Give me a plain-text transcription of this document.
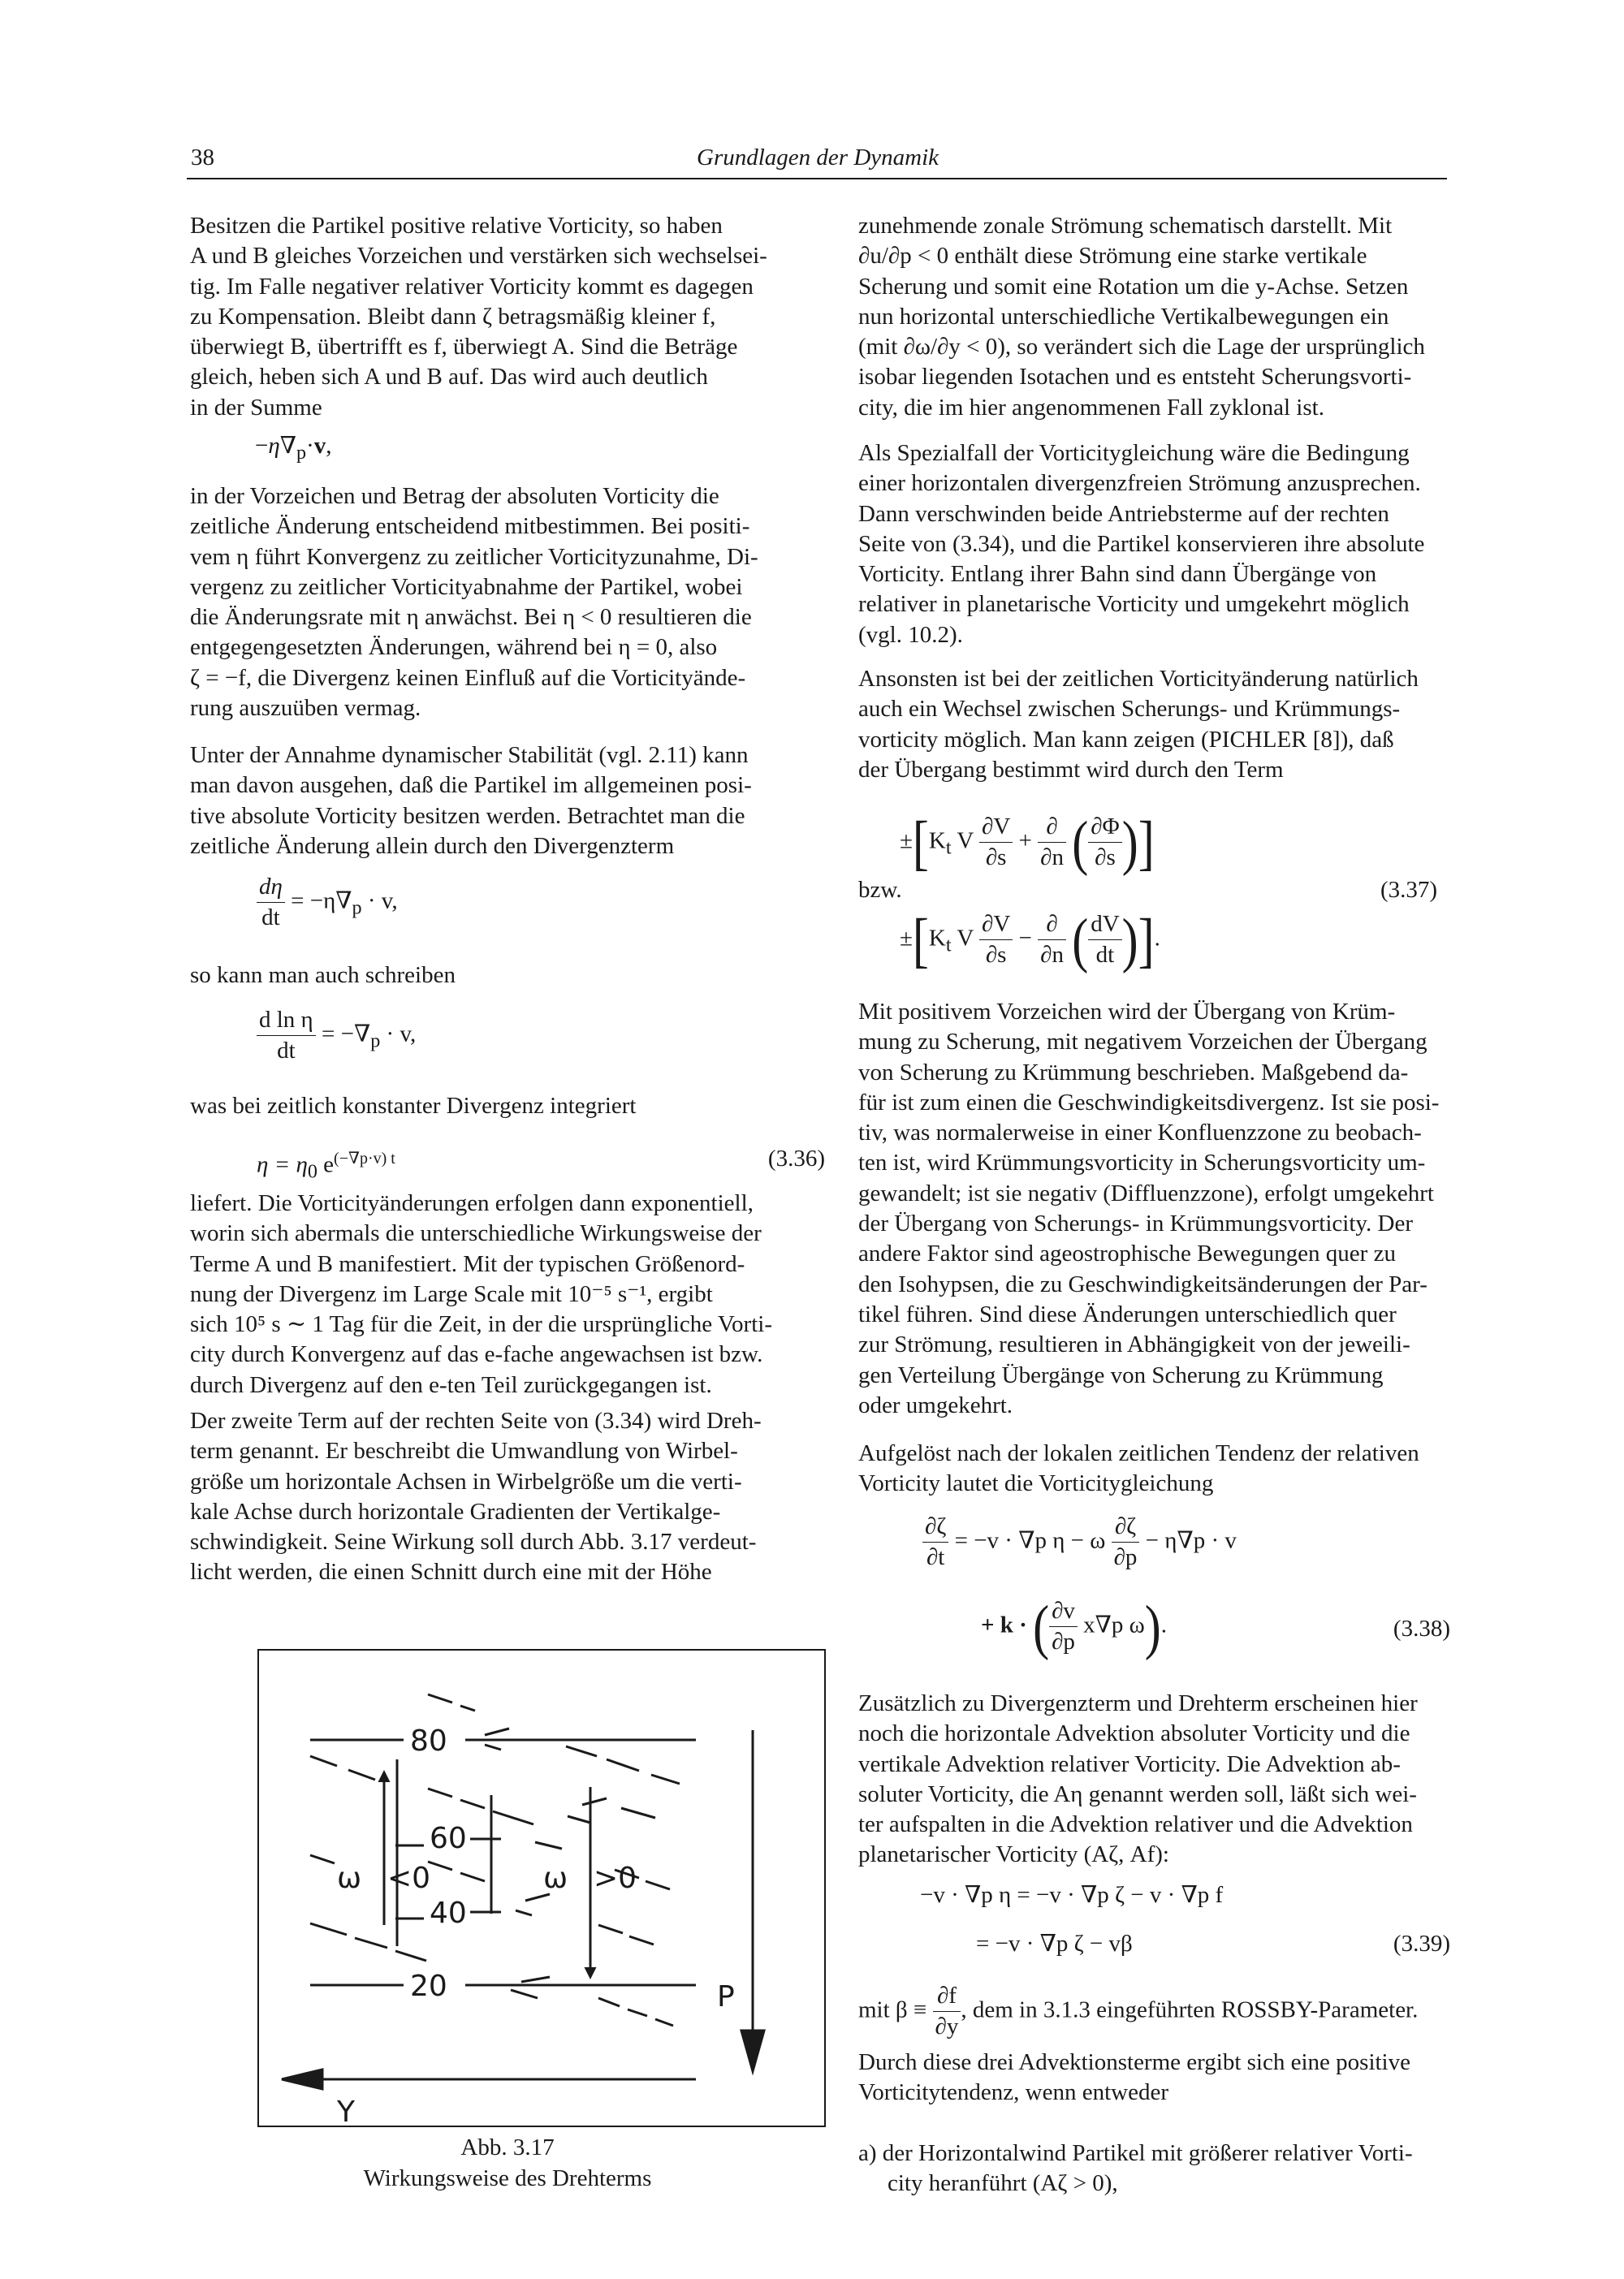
38	Grundlagen der Dynamik

Besitzen die Partikel positive relative Vorticity, so haben

A und B gleiches Vorzeichen und verstärken sich wechselsei-

tig. Im Falle negativer relativer Vorticity kommt es dagegen

zu Kompensation. Bleibt dann ζ betragsmäßig kleiner f,

überwiegt B, übertrifft es f, überwiegt A. Sind die Beträge

gleich, heben sich A und B auf. Das wird auch deutlich

in der Summe

$-\eta\nabla_p\cdot v$,

in der Vorzeichen und Betrag der absoluten Vorticity die

zeitliche Änderung entscheidend mitbestimmen. Bei positi-

vem η führt Konvergenz zu zeitlicher Vorticityzunahme, Di-

vergenz zu zeitlicher Vorticityabnahme der Partikel, wobei

die Änderungsrate mit η anwächst. Bei η < 0 resultieren die

entgegengesetzten Änderungen, während bei η = 0, also

ζ = −f, die Divergenz keinen Einfluß auf die Vorticityände-

rung auszuüben vermag.

Unter der Annahme dynamischer Stabilität (vgl. 2.11) kann

man davon ausgehen, daß die Partikel im allgemeinen posi-

tive absolute Vorticity besitzen werden. Betrachtet man die

zeitliche Änderung allein durch den Divergenzterm

$\frac{d\eta}{dt} = -\eta\nabla_p \cdot v$,
so kann man auch schreiben
$\frac{\text{d ln η}}{dt} = -\nabla_p \cdot v$,
was bei zeitlich konstanter Divergenz integriert
$\eta = \eta_0$ $e^{(-\nabla p\cdot v) t}$	(3.36)

liefert. Die Vorticityänderungen erfolgen dann exponentiell,

worin sich abermals die unterschiedliche Wirkungsweise der

Terme A und B manifestiert. Mit der typischen Größenord-

nung der Divergenz im Large Scale mit 10⁻⁵ s⁻¹, ergibt

sich 10⁵ s ∼ 1 Tag für die Zeit, in der die ursprüngliche Vorti-

city durch Konvergenz auf das e-fache angewachsen ist bzw.

durch Divergenz auf den e-ten Teil zurückgegangen ist.

Der zweite Term auf der rechten Seite von (3.34) wird Dreh-

term genannt. Er beschreibt die Umwandlung von Wirbel-

größe um horizontale Achsen in Wirbelgröße um die verti-

kale Achse durch horizontale Gradienten der Vertikalge-

schwindigkeit. Seine Wirkung soll durch Abb. 3.17 verdeut-

licht werden, die einen Schnitt durch eine mit der Höhe

80
60
40
20
ω <0	ω >0
P
Y
Abb. 3.17
Wirkungsweise des Drehterms

zunehmende zonale Strömung schematisch darstellt. Mit

∂u/∂p < 0 enthält diese Strömung eine starke vertikale

Scherung und somit eine Rotation um die y-Achse. Setzen

nun horizontal unterschiedliche Vertikalbewegungen ein

(mit ∂ω/∂y < 0), so verändert sich die Lage der ursprünglich

isobar liegenden Isotachen und es entsteht Scherungsvorti-

city, die im hier angenommenen Fall zyklonal ist.

Als Spezialfall der Vorticitygleichung wäre die Bedingung

einer horizontalen divergenzfreien Strömung anzusprechen.

Dann verschwinden beide Antriebsterme auf der rechten

Seite von (3.34), und die Partikel konservieren ihre absolute

Vorticity. Entlang ihrer Bahn sind dann Übergänge von

relativer in planetarische Vorticity und umgekehrt möglich

(vgl. 10.2).

Ansonsten ist bei der zeitlichen Vorticityänderung natürlich

auch ein Wechsel zwischen Scherungs- und Krümmungs-

vorticity möglich. Man kann zeigen (PICHLER [8]), daß

der Übergang bestimmt wird durch den Term

$\pm[K_t$ V $\frac{\partial V}{\partial s} + \frac{\partial}{\partial n}$ ( $\frac{\partial\Phi}{\partial s}$ )]
bzw.	(3.37)
$\pm[K_t$ V $\frac{\partial V}{\partial s} - \frac{\partial}{\partial n}$ ( $\frac{dV}{dt}$ )].

Mit positivem Vorzeichen wird der Übergang von Krüm-

mung zu Scherung, mit negativem Vorzeichen der Übergang

von Scherung zu Krümmung beschrieben. Maßgebend da-

für ist zum einen die Geschwindigkeitsdivergenz. Ist sie posi-

tiv, was normalerweise in einer Konfluenzzone zu beobach-

ten ist, wird Krümmungsvorticity in Scherungsvorticity um-

gewandelt; ist sie negativ (Diffluenzzone), erfolgt umgekehrt

der Übergang von Scherungs- in Krümmungsvorticity. Der

andere Faktor sind ageostrophische Bewegungen quer zu

den Isohypsen, die zu Geschwindigkeitsänderungen der Par-

tikel führen. Sind diese Änderungen unterschiedlich quer

zur Strömung, resultieren in Abhängigkeit von der jeweili-

gen Verteilung Übergänge von Scherung zu Krümmung

oder umgekehrt.

Aufgelöst nach der lokalen zeitlichen Tendenz der relativen

Vorticity lautet die Vorticitygleichung

$\frac{\partial\zeta}{\partial t} = -v \cdot \nabla p$ η − ω $\frac{\partial\zeta}{\partial p} - \eta\nabla p \cdot v$
+ k · ( $\frac{\partial v}{\partial p} x\nabla p$ ω).	(3.38)

Zusätzlich zu Divergenzterm und Drehterm erscheinen hier

noch die horizontale Advektion absoluter Vorticity und die

vertikale Advektion relativer Vorticity. Die Advektion ab-

soluter Vorticity, die Aη genannt werden soll, läßt sich wei-

ter aufspalten in die Advektion relativer und die Advektion

planetarischer Vorticity (Aζ, Af):

−v · ∇p η = −v · ∇p ζ − v · ∇p f
= −v · ∇p ζ − vβ	(3.39)
mit $\beta \equiv \frac{\partial f}{\partial y}$ , dem in 3.1.3 eingeführten ROSSBY-Parameter.

Durch diese drei Advektionsterme ergibt sich eine positive

Vorticitytendenz, wenn entweder

a) der Horizontalwind Partikel mit größerer relativer Vorti-

city heranführt (Aζ > 0),
